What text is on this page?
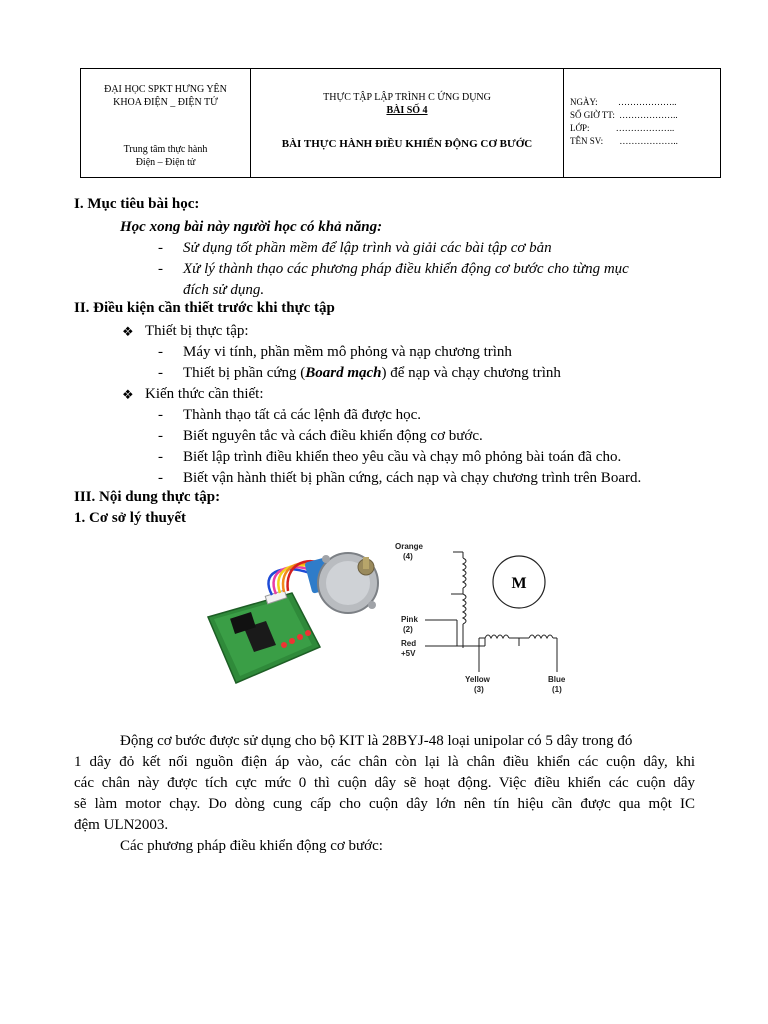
ĐẠI HỌC SPKT HƯNG YÊN
KHOA ĐIỆN _ ĐIỆN TỬ
Trung tâm thực hành
Điện – Điện tử
THỰC TẬP LẬP TRÌNH C ỨNG DỤNG
BÀI SỐ 4
BÀI THỰC HÀNH ĐIỀU KHIỂN ĐỘNG CƠ BƯỚC
NGÀY: ………………..
SỐ GIỜ TT: ………………..
LỚP:	………………..
TÊN SV: ………………..
I. Mục tiêu bài học:
Học xong bài này người học có khả năng:
- Sử dụng tốt phần mềm để lập trình và giải các bài tập cơ bản
- Xử lý thành thạo các phương pháp điều khiển động cơ bước cho từng mục
đích sử dụng.
II. Điều kiện cần thiết trước khi thực tập
❖ Thiết bị thực tập:
- Máy vi tính, phần mềm mô phỏng và nạp chương trình
- Thiết bị phần cứng (Board mạch) để nạp và chạy chương trình
❖ Kiến thức cần thiết:
- Thành thạo tất cả các lệnh đã được học.
- Biết nguyên tắc và cách điều khiển động cơ bước.
- Biết lập trình điều khiển theo yêu cầu và chạy mô phỏng bài toán đã cho.
- Biết vận hành thiết bị phần cứng, cách nạp và chạy chương trình trên Board.
III. Nội dung thực tập:
1. Cơ sở lý thuyết
M
Orange
(4)
Pink
(2)
Red
+5V
Yellow
(3)
Blue
(1)
Động cơ bước được sử dụng cho bộ KIT là 28BYJ-48 loại unipolar có 5 dây trong đó
1 dây đỏ kết nối nguồn điện áp vào, các chân còn lại là chân điều khiển các cuộn dây, khi
các chân này được tích cực mức 0 thì cuộn dây sẽ hoạt động. Việc điều khiển các cuộn dây
sẽ làm motor chạy. Do dòng cung cấp cho cuộn dây lớn nên tín hiệu cần được qua một IC
đệm ULN2003.
Các phương pháp điều khiển động cơ bước:
